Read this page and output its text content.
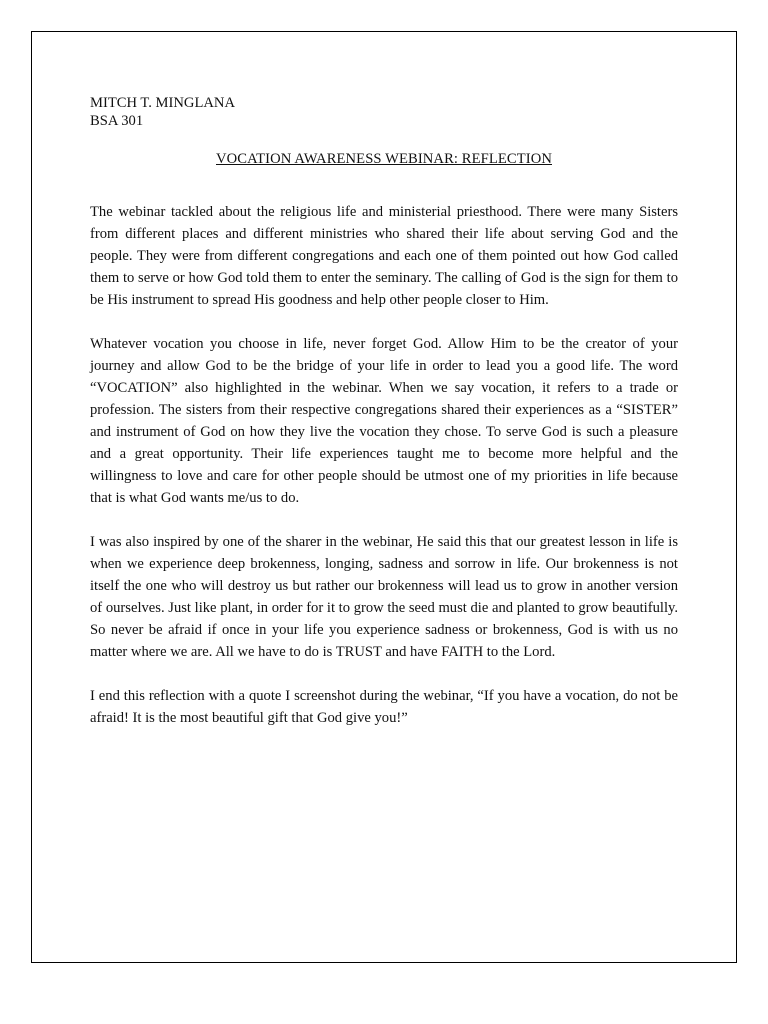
MITCH T. MINGLANA

BSA 301

VOCATION AWARENESS WEBINAR: REFLECTION

The webinar tackled about the religious life and ministerial priesthood. There were many Sisters from different places and different ministries who shared their life about serving God and the people. They were from different congregations and each one of them pointed out how God called them to serve or how God told them to enter the seminary. The calling of God is the sign for them to be His instrument to spread His goodness and help other people closer to Him.

Whatever vocation you choose in life, never forget God. Allow Him to be the creator of your journey and allow God to be the bridge of your life in order to lead you a good life. The word “VOCATION” also highlighted in the webinar. When we say vocation, it refers to a trade or profession. The sisters from their respective congregations shared their experiences as a “SISTER” and instrument of God on how they live the vocation they chose. To serve God is such a pleasure and a great opportunity. Their life experiences taught me to become more helpful and the willingness to love and care for other people should be utmost one of my priorities in life because that is what God wants me/us to do.

I was also inspired by one of the sharer in the webinar, He said this that our greatest lesson in life is when we experience deep brokenness, longing, sadness and sorrow in life. Our brokenness is not itself the one who will destroy us but rather our brokenness will lead us to grow in another version of ourselves. Just like plant, in order for it to grow the seed must die and planted to grow beautifully. So never be afraid if once in your life you experience sadness or brokenness, God is with us no matter where we are. All we have to do is TRUST and have FAITH to the Lord.

I end this reflection with a quote I screenshot during the webinar, “If you have a vocation, do not be afraid! It is the most beautiful gift that God give you!”
